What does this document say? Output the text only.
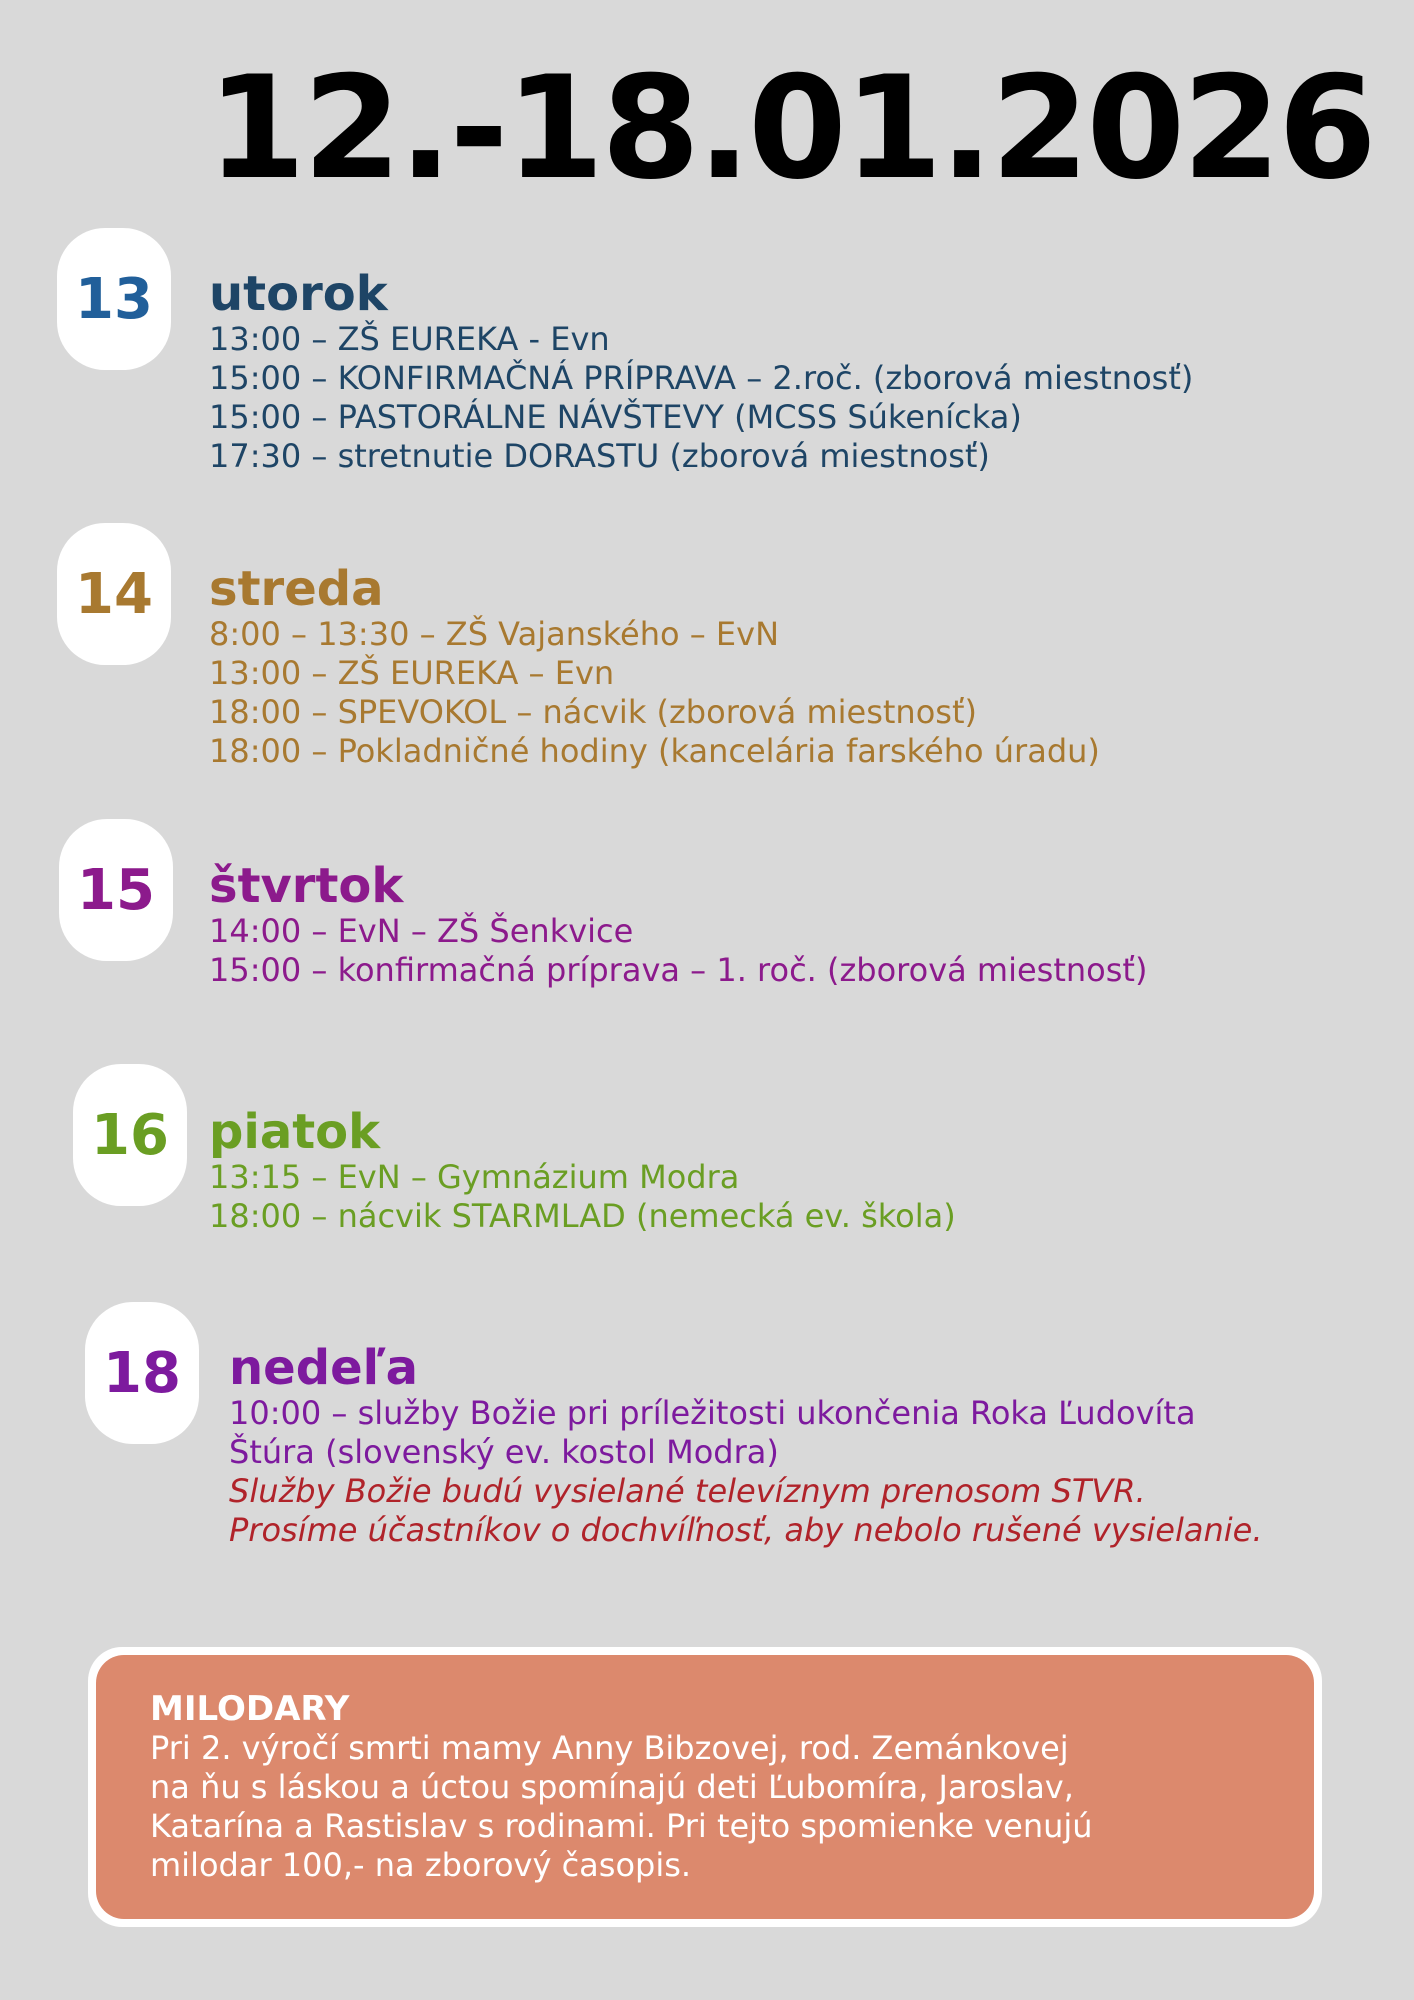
12.-18.01.2026
13	utorok
13:00 – ZŠ EUREKA - Evn
15:00 – KONFIRMAČNÁ PRÍPRAVA – 2.roč. (zborová miestnosť)
15:00 – PASTORÁLNE NÁVŠTEVY (MCSS Súkenícka)
17:30 – stretnutie DORASTU (zborová miestnosť)
14	streda
8:00 – 13:30 – ZŠ Vajanského – EvN
13:00 – ZŠ EUREKA – Evn
18:00 – SPEVOKOL – nácvik (zborová miestnosť)
18:00 – Pokladničné hodiny (kancelária farského úradu)
15	štvrtok
14:00 – EvN – ZŠ Šenkvice
15:00 – konfirmačná príprava – 1. roč. (zborová miestnosť)
16 piatok
13:15 – EvN – Gymnázium Modra
18:00 – nácvik STARMLAD (nemecká ev. škola)
18	nedeľa
10:00 – služby Božie pri príležitosti ukončenia Roka Ľudovíta
Štúra (slovenský ev. kostol Modra)
Služby Božie budú vysielané televíznym prenosom STVR.
Prosíme účastníkov o dochvíľnosť, aby nebolo rušené vysielanie.
MILODARY
Pri 2. výročí smrti mamy Anny Bibzovej, rod. Zemánkovej
na ňu s láskou a úctou spomínajú deti Ľubomíra, Jaroslav,
Katarína a Rastislav s rodinami. Pri tejto spomienke venujú
milodar 100,- na zborový časopis.
